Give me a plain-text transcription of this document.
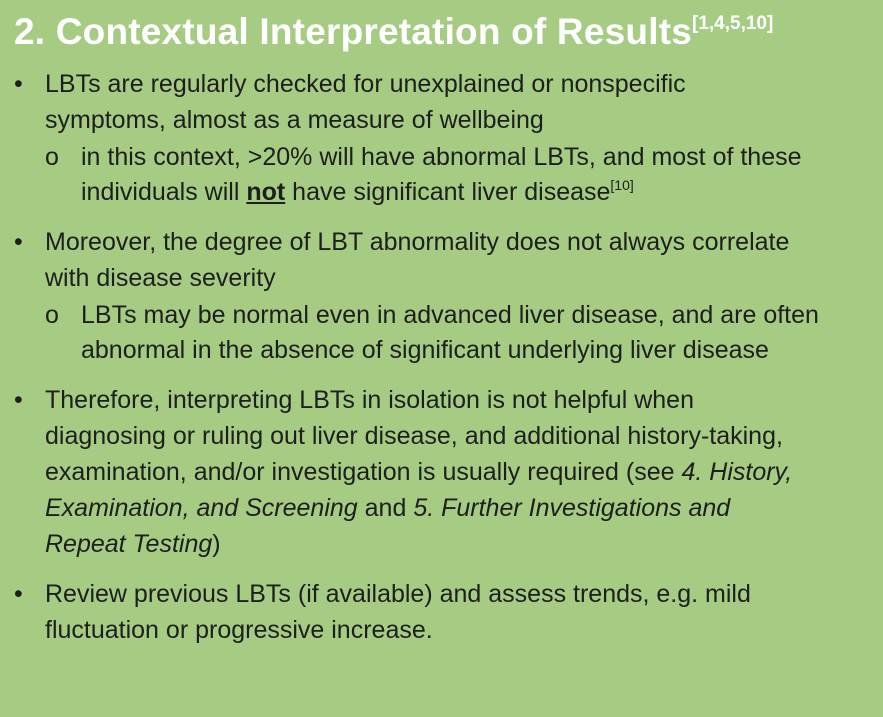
2. Contextual Interpretation of Results[1,4,5,10]
• LBTs are regularly checked for unexplained or nonspecific symptoms, almost as a measure of wellbeing
o in this context, >20% will have abnormal LBTs, and most of these individuals will not have significant liver disease[10]
• Moreover, the degree of LBT abnormality does not always correlate with disease severity
o LBTs may be normal even in advanced liver disease, and are often abnormal in the absence of significant underlying liver disease
• Therefore, interpreting LBTs in isolation is not helpful when diagnosing or ruling out liver disease, and additional history-taking, examination, and/or investigation is usually required (see 4. History, Examination, and Screening and 5. Further Investigations and Repeat Testing)
• Review previous LBTs (if available) and assess trends, e.g. mild fluctuation or progressive increase.
